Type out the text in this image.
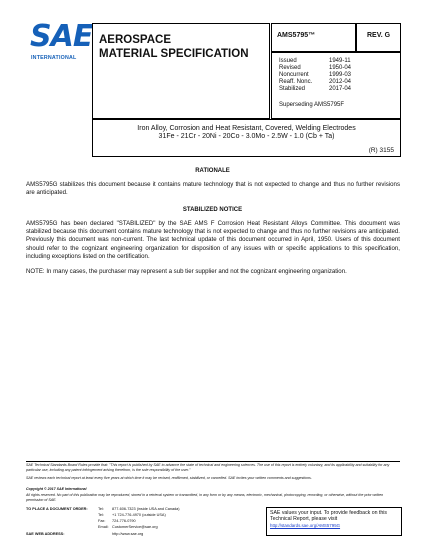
SAE
INTERNATIONAL
AEROSPACE
MATERIAL SPECIFICATION
AMS5795™	REV. G
Issued	1949-11
Revised	1950-04
Noncurrent	1999-03
Reaff. Nonc.	2012-04
Stabilized	2017-04
Superseding AMS5795F
Iron Alloy, Corrosion and Heat Resistant, Covered, Welding Electrodes
31Fe - 21Cr - 20Ni - 20Co - 3.0Mo - 2.5W - 1.0 (Cb + Ta)
(R) 3155
RATIONALE
AMS5795G stabilizes this document because it contains mature technology that is not expected to change and thus no further revisions are anticipated.
STABILIZED NOTICE
AMS5795G has been declared "STABILIZED" by the SAE AMS F Corrosion Heat Resistant Alloys Committee. This document was stabilized because this document contains mature technology that is not expected to change and thus no further revisions are anticipated. Previously this document was non-current. The last technical update of this document occurred in April, 1950. Users of this document should refer to the cognizant engineering organization for disposition of any issues with or specific applications to this specification, including exceptions listed on the certification.
NOTE: In many cases, the purchaser may represent a sub tier supplier and not the cognizant engineering organization.
SAE Technical Standards Board Rules provide that: "This report is published by SAE to advance the state of technical and engineering sciences. The use of this report is entirely voluntary, and its applicability and suitability for any particular use, including any patent infringement arising therefrom, is the sole responsibility of the user."
SAE reviews each technical report at least every five years at which time it may be revised, reaffirmed, stabilized, or cancelled. SAE invites your written comments and suggestions.
Copyright © 2017 SAE International
All rights reserved. No part of this publication may be reproduced, stored in a retrieval system or transmitted, in any form or by any means, electronic, mechanical, photocopying, recording, or otherwise, without the prior written permission of SAE.
TO PLACE A DOCUMENT ORDER:	Tel: 877-606-7323 (inside USA and Canada)
Tel: +1 724-776-4970 (outside USA)
Fax: 724-776-0790
Email: CustomerService@sae.org
SAE WEB ADDRESS:	http://www.sae.org
SAE values your input. To provide feedback on this Technical Report, please visit
http://standards.sae.org/AMS5795G
